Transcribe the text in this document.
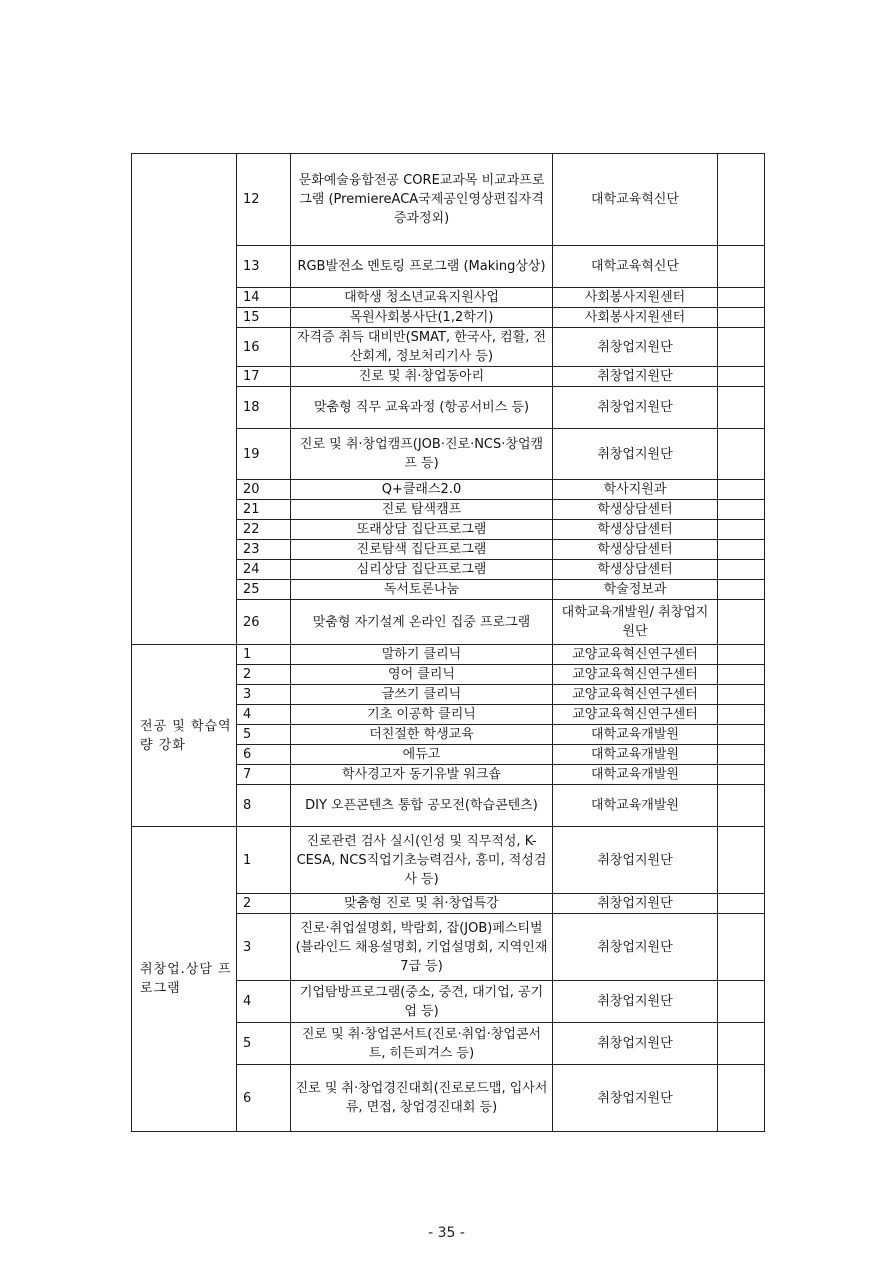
	12	문화예술융합전공 CORE교과목 비교과프로그램 (PremiereACA국제공인영상편집자격증과정외)	대학교육혁신단	
	13	RGB발전소 멘토링 프로그램 (Making상상)	대학교육혁신단	
	14	대학생 청소년교육지원사업	사회봉사지원센터	
	15	목원사회봉사단(1,2학기)	사회봉사지원센터	
	16	자격증 취득 대비반(SMAT, 한국사, 컴활, 전산회계, 정보처리기사 등)	취창업지원단	
	17	진로 및 취·창업동아리	취창업지원단	
	18	맞춤형 직무 교육과정 (항공서비스 등)	취창업지원단	
	19	진로 및 취·창업캠프(JOB·진로·NCS·창업캠프 등)	취창업지원단	
	20	Q+클래스2.0	학사지원과	
	21	진로 탐색캠프	학생상담센터	
	22	또래상담 집단프로그램	학생상담센터	
	23	진로탐색 집단프로그램	학생상담센터	
	24	심리상담 집단프로그램	학생상담센터	
	25	독서토론나눔	학술정보과	
	26	맞춤형 자기설계 온라인 집중 프로그램	대학교육개발원/ 취창업지원단	
전공 및 학습역량 강화	1	말하기 클리닉	교양교육혁신연구센터	
	2	영어 클리닉	교양교육혁신연구센터	
	3	글쓰기 클리닉	교양교육혁신연구센터	
	4	기초 이공학 클리닉	교양교육혁신연구센터	
	5	더친절한 학생교육	대학교육개발원	
	6	에듀고	대학교육개발원	
	7	학사경고자 동기유발 워크숍	대학교육개발원	
	8	DIY 오픈콘텐츠 통합 공모전(학습콘텐츠)	대학교육개발원	
취창업.상담 프로그램	1	진로관련 검사 실시(인성 및 직무적성, K-CESA, NCS직업기초능력검사, 흥미, 적성검사 등)	취창업지원단	
	2	맞춤형 진로 및 취·창업특강	취창업지원단	
	3	진로·취업설명회, 박람회, 잡(JOB)페스티벌(블라인드 채용설명회, 기업설명회, 지역인재7급 등)	취창업지원단	
	4	기업탐방프로그램(중소, 중견, 대기업, 공기업 등)	취창업지원단	
	5	진로 및 취·창업콘서트(진로·취업·창업콘서트, 히든피겨스 등)	취창업지원단	
	6	진로 및 취·창업경진대회(진로로드맵, 입사서류, 면접, 창업경진대회 등)	취창업지원단	
- 35 -
